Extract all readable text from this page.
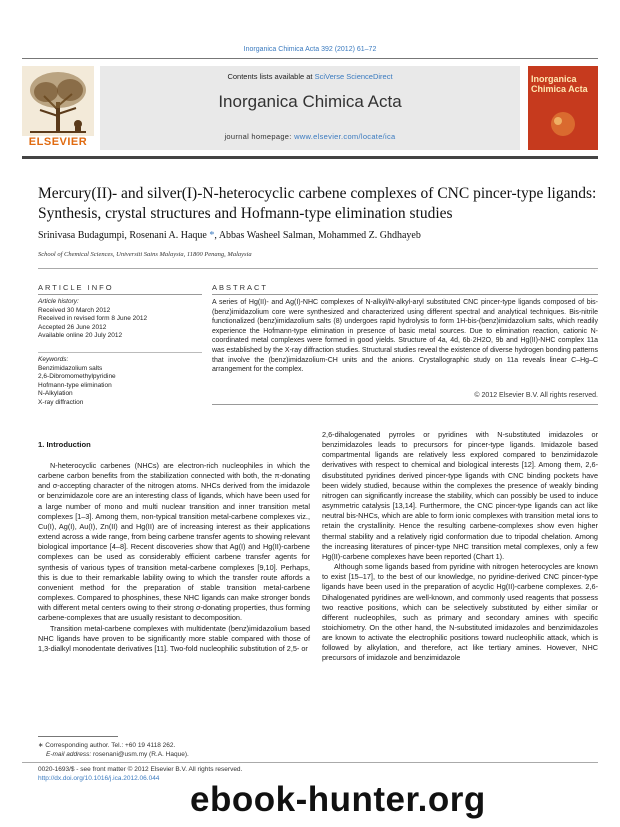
Inorganica Chimica Acta 392 (2012) 61–72
ELSEVIER
Contents lists available at SciVerse ScienceDirect
Inorganica Chimica Acta
journal homepage: www.elsevier.com/locate/ica
Inorganica Chimica Acta
Mercury(II)- and silver(I)-N-heterocyclic carbene complexes of CNC pincer-type ligands: Synthesis, crystal structures and Hofmann-type elimination studies
Srinivasa Budagumpi, Rosenani A. Haque *, Abbas Washeel Salman, Mohammed Z. Ghdhayeb
School of Chemical Sciences, Universiti Sains Malaysia, 11800 Penang, Malaysia
ARTICLE INFO	ABSTRACT
Article history:
Received 30 March 2012
Received in revised form 8 June 2012
Accepted 26 June 2012
Available online 20 July 2012
Keywords:
Benzimidazolium salts
2,6-Dibromomethylpyridine
Hofmann-type elimination
N-Alkylation
X-ray diffraction
A series of Hg(II)- and Ag(I)-NHC complexes of N-alkyl/N-alkyl-aryl substituted CNC pincer-type ligands composed of bis-(benz)imidazolium core were synthesized and characterized using different spectral and analytical techniques. Bis-nitrile functionalized (benz)imidazolium salts (8) undergoes rapid hydrolysis to form 1H-bis-(benz)imidazolium salts, which readily experience the Hofmann-type elimination in presence of basic metal sources. Due to elimination reaction, cationic N-coordinated metal complexes were formed in good yields. Structure of 4a, 4d, 6b·2H2O, 9b and Hg(II)-NHC complex 11a was established by the X-ray diffraction studies. Structural studies reveal the existence of diverse hydrogen bonding patterns that involve the (benz)imidazolium-CH units and the anions. Crystallographic study on 11a reveals linear C–Hg–C arrangement for the complex.
© 2012 Elsevier B.V. All rights reserved.
1. Introduction
N-heterocyclic carbenes (NHCs) are electron-rich nucleophiles in which the carbene carbon benefits from the stabilization connected with both, the π-donating and σ-accepting character of the nitrogen atoms. NHCs derived from the imidazole or benzimidazole core are an interesting class of ligands, which have been used for a large number of mono and multi nuclear transition and inner transition metal complexes [1–3]. Among them, non-typical transition metal-carbene complexes viz., Cu(I), Ag(I), Au(I), Zn(II) and Hg(II) are of increasing interest as their applications extend across a wide range, from being carbene transfer agents to showing relevant biological importance [4–8]. Recent discoveries show that Ag(I) and Hg(II)-carbene complexes can be used as considerably efficient carbene transfer agents for synthesis of various types of transition metal-carbene complexes [9,10]. Perhaps, this is due to their remarkable lability owing to which the transfer route affords a convenient method for the preparation of stable transition metal-carbene complexes. Compared to phosphines, these NHC ligands can make stronger bonds with different metal centers owing to their strong σ-donating properties, thus forming carbene-complexes that are usually resistant to decomposition.
Transition metal-carbene complexes with multidentate (benz)imidazolium based NHC ligands have proven to be significantly more stable compared with those of 1,3-dialkyl monodentate derivatives [11]. Two-fold nucleophilic substitution of 2,5- or
2,6-dihalogenated pyrroles or pyridines with N-substituted imidazoles or benzimidazoles leads to precursors for pincer-type ligands. Imidazole based compartmental ligands are relatively less explored compared to benzimidazole derivatives with respect to chemical and biological interests [12]. Among them, 2,6-disubstituted pyridines derived pincer-type ligands with CNC binding pockets have been widely studied, because within the complexes the presence of weakly binding nitrogen can significantly increase the stability, which can possibly be used to induce asymmetric catalysis [13,14]. Furthermore, the CNC pincer-type ligands can act like neutral bis-NHCs, which are able to form ionic complexes with transition metal ions to retain the crystallinity. Hence the resulting carbene-complexes show even higher thermal stability and a relatively rigid conformation due to tripodal chelation. Among the increasing literatures of pincer-type NHC transition metal complexes, only a few Hg(II)-carbene complexes have been reported (Chart 1).
Although some ligands based from pyridine with nitrogen heterocycles are known to exist [15–17], to the best of our knowledge, no pyridine-derived CNC pincer-type ligands have been used in the preparation of acyclic Hg(II)-carbene complexes. 2,6-Dihalogenated pyridines are well-known, and commonly used reagents that possess two reactive positions, which can be selectively substituted by either similar or different nucleophiles, such as primary and secondary amines with specific stoichiometry. On the other hand, the N-substituted imidazoles and benzimidazoles are known to activate the electrophilic positions toward nucleophilic attack, which is followed by alkylation, and therefore, act like tertiary amines. However, NHC precursors of imidazole and benzimidazole
∗ Corresponding author. Tel.: +60 19 4118 262.
E-mail address: rosenani@usm.my (R.A. Haque).
0020-1693/$ - see front matter © 2012 Elsevier B.V. All rights reserved.
http://dx.doi.org/10.1016/j.ica.2012.06.044
ebook-hunter.org
